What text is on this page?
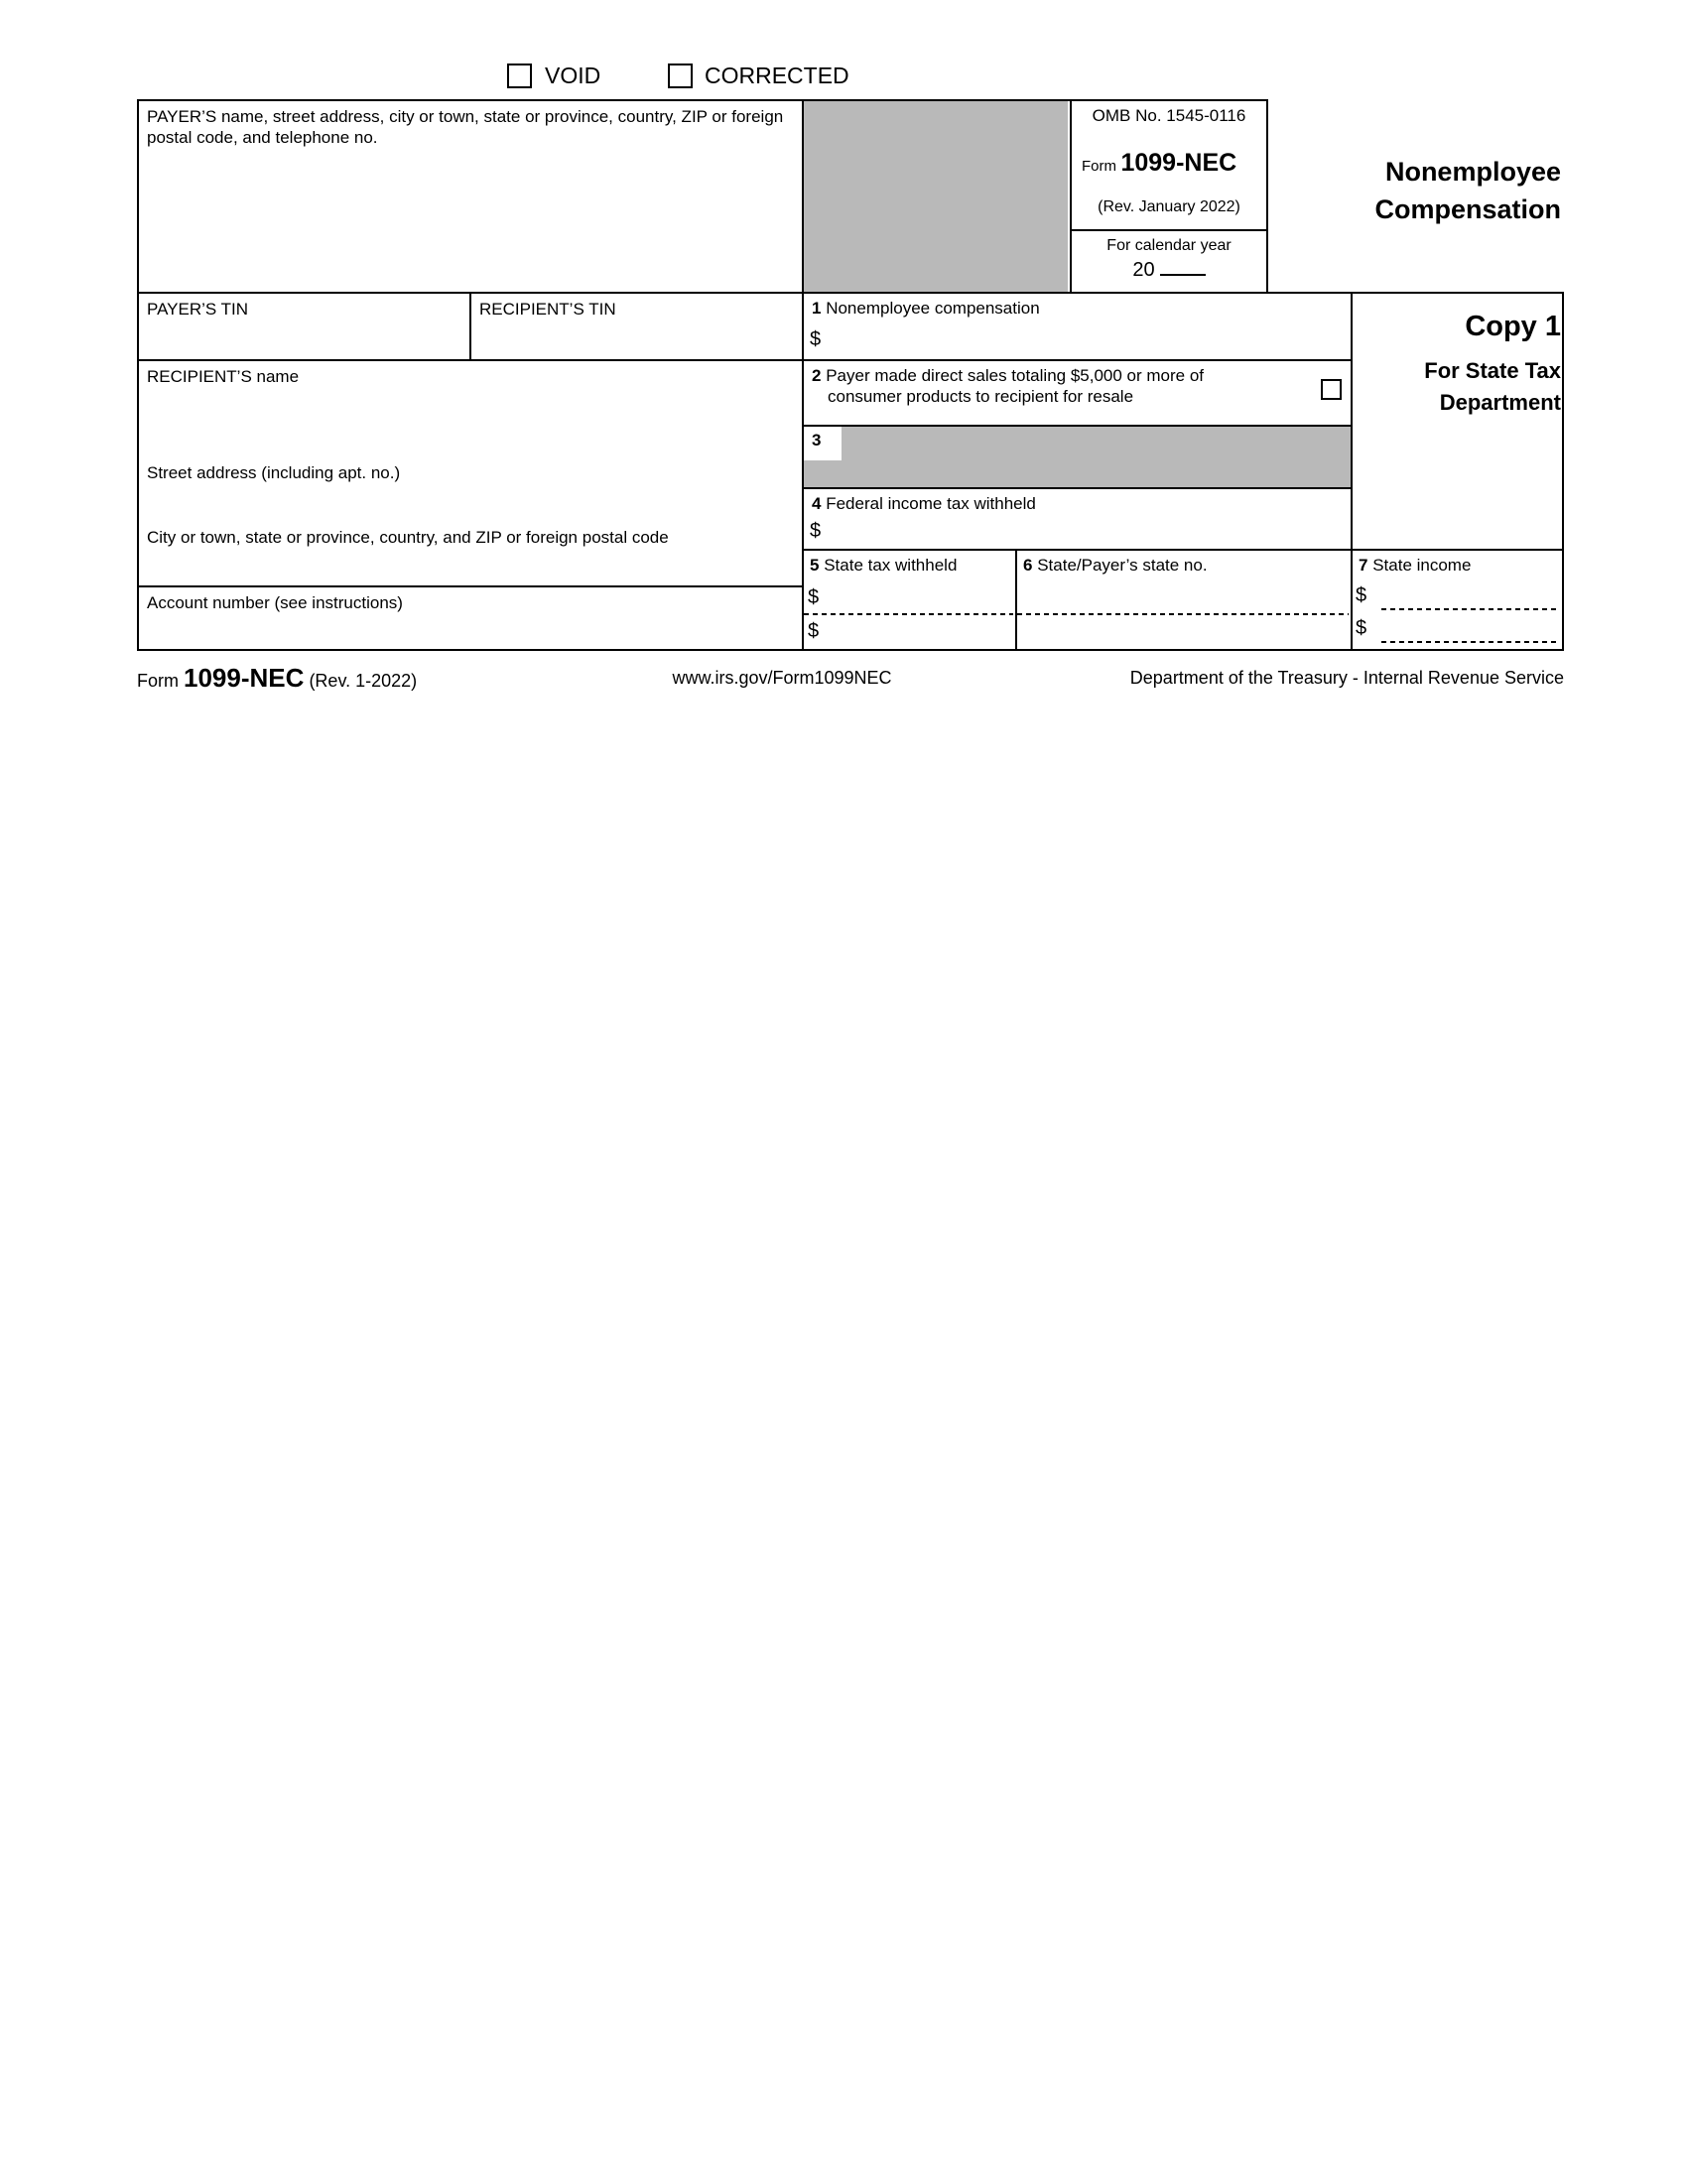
VOID	CORRECTED
OMB No. 1545-0116
Form 1099-NEC
(Rev. January 2022)
For calendar year
20
Nonemployee
Compensation
Copy 1
For State Tax
Department
PAYER’S name, street address, city or town, state or province, country, ZIP or foreign postal code, and telephone no.
PAYER’S TIN	RECIPIENT’S TIN
RECIPIENT’S name
Street address (including apt. no.)
City or town, state or province, country, and ZIP or foreign postal code
Account number (see instructions)
1 Nonemployee compensation
$
2 Payer made direct sales totaling $5,000 or more of consumer products to recipient for resale
3
4 Federal income tax withheld
$
5 State tax withheld
$
$
6 State/Payer’s state no.	7 State income
$
$
Form 1099-NEC (Rev. 1-2022)	www.irs.gov/Form1099NEC	Department of the Treasury - Internal Revenue Service
